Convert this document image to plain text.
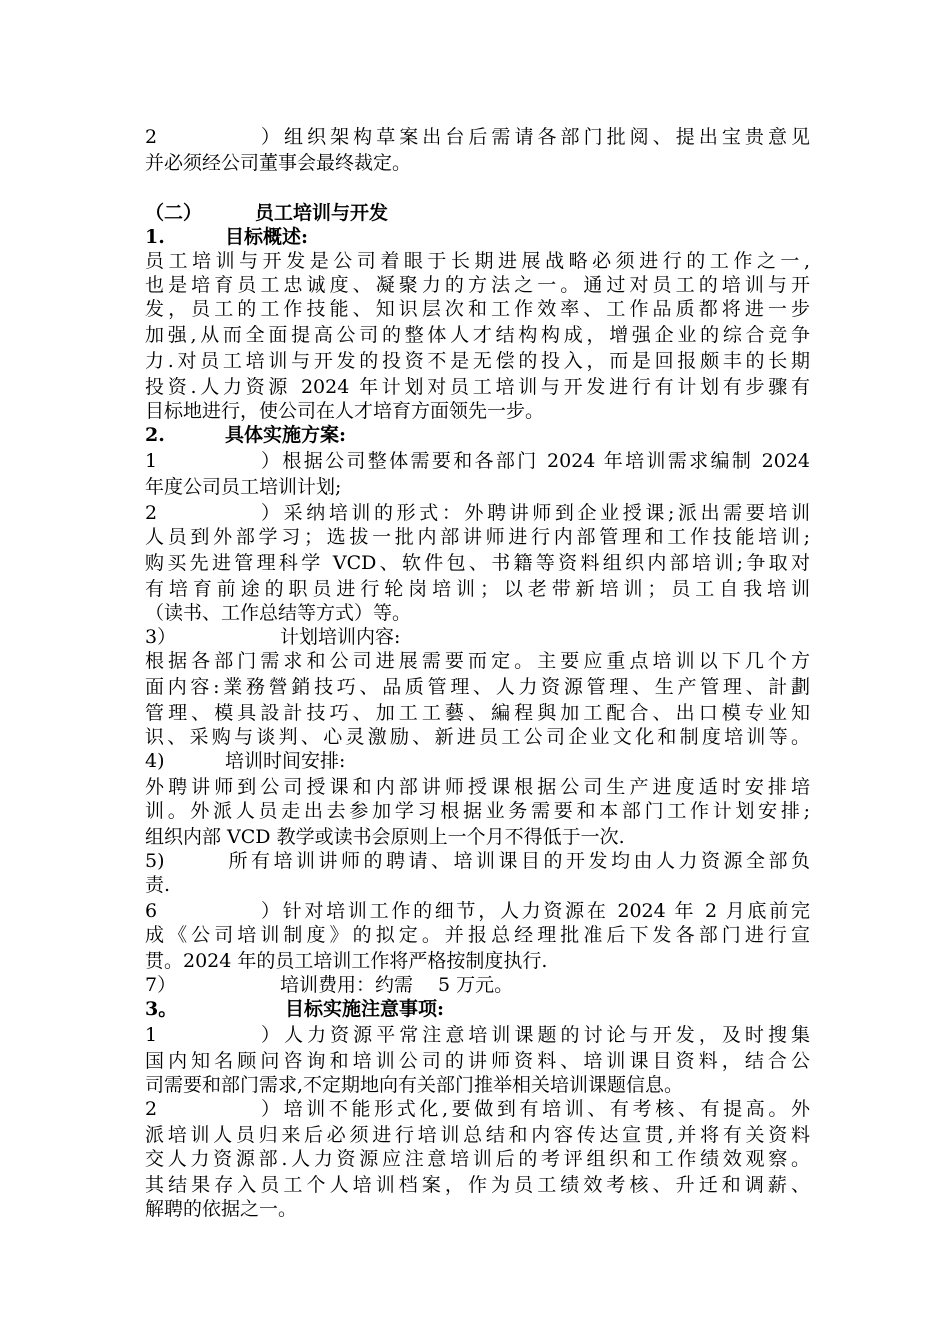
2）组织架构草案出台后需请各部门批阅、提出宝贵意见
并必须经公司董事会最终裁定。
（二）	员工培训与开发
1.	目标概述:
员工培训与开发是公司着眼于长期进展战略必须进行的工作之一,
也是培育员工忠诚度、凝聚力的方法之一。通过对员工的培训与开
发，员工的工作技能、知识层次和工作效率、工作品质都将进一步
加强,从而全面提高公司的整体人才结构构成，增强企业的综合竞争
力.对员工培训与开发的投资不是无偿的投入，而是回报颇丰的长期
投资.人力资源 2024 年计划对员工培训与开发进行有计划有步骤有
目标地进行，使公司在人才培育方面领先一步。
2.	具体实施方案:
1）根据公司整体需要和各部门 2024 年培训需求编制 2024
年度公司员工培训计划;
2）采纳培训的形式：外聘讲师到企业授课;派出需要培训
人员到外部学习；选拔一批内部讲师进行内部管理和工作技能培训;
购买先进管理科学 VCD、软件包、书籍等资料组织内部培训;争取对
有培育前途的职员进行轮岗培训；以老带新培训；员工自我培训
（读书、工作总结等方式）等。
3）	计划培训内容:
根据各部门需求和公司进展需要而定。主要应重点培训以下几个方
面内容:業務營銷技巧、品质管理、人力资源管理、生产管理、計劃
管理、模具設計技巧、加工工藝、編程與加工配合、出口模专业知
识、采购与谈判、心灵激励、新进员工公司企业文化和制度培训等。
4)	培训时间安排:
外聘讲师到公司授课和内部讲师授课根据公司生产进度适时安排培
训。外派人员走出去参加学习根据业务需要和本部门工作计划安排;
组织内部 VCD 教学或读书会原则上一个月不得低于一次.
5)	所有培训讲师的聘请、培训课目的开发均由人力资源全部负
责.
6）针对培训工作的细节，人力资源在 2024 年 2 月底前完
成《公司培训制度》的拟定。并报总经理批准后下发各部门进行宣
贯。2024 年的员工培训工作将严格按制度执行.
7）	培训费用：约需　 5 万元。
3。	目标实施注意事项:
1）人力资源平常注意培训课题的讨论与开发，及时搜集
国内知名顾问咨询和培训公司的讲师资料、培训课目资料，结合公
司需要和部门需求,不定期地向有关部门推举相关培训课题信息。
2）培训不能形式化,要做到有培训、有考核、有提高。外
派培训人员归来后必须进行培训总结和内容传达宣贯,并将有关资料
交人力资源部.人力资源应注意培训后的考评组织和工作绩效观察。
其结果存入员工个人培训档案，作为员工绩效考核、升迁和调薪、
解聘的依据之一。
